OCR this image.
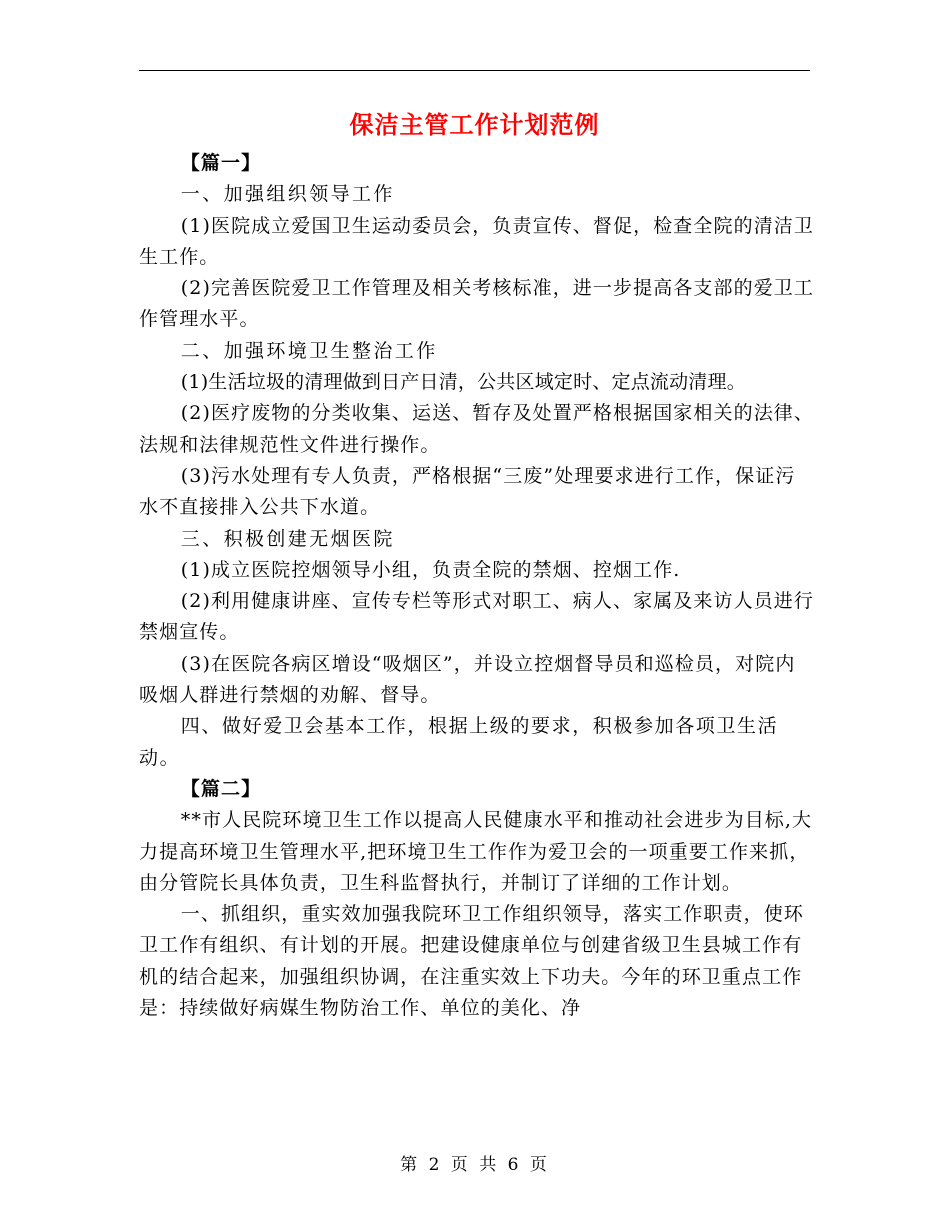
保洁主管工作计划范例

【篇一】

一、加强组织领导工作

(1)医院成立爱国卫生运动委员会，负责宣传、督促，检查全院的清洁卫生工作。

(2)完善医院爱卫工作管理及相关考核标准，进一步提高各支部的爱卫工作管理水平。

二、加强环境卫生整治工作

(1)生活垃圾的清理做到日产日清，公共区域定时、定点流动清理。

(2)医疗废物的分类收集、运送、暂存及处置严格根据国家相关的法律、法规和法律规范性文件进行操作。

(3)污水处理有专人负责，严格根据“三废”处理要求进行工作，保证污水不直接排入公共下水道。

三、积极创建无烟医院

(1)成立医院控烟领导小组，负责全院的禁烟、控烟工作.

(2)利用健康讲座、宣传专栏等形式对职工、病人、家属及来访人员进行禁烟宣传。

(3)在医院各病区增设“吸烟区”，并设立控烟督导员和巡检员，对院内吸烟人群进行禁烟的劝解、督导。

四、做好爱卫会基本工作，根据上级的要求，积极参加各项卫生活动。

【篇二】

**市人民院环境卫生工作以提高人民健康水平和推动社会进步为目标,大力提高环境卫生管理水平,把环境卫生工作作为爱卫会的一项重要工作来抓，由分管院长具体负责，卫生科监督执行，并制订了详细的工作计划。

一、抓组织，重实效加强我院环卫工作组织领导，落实工作职责，使环卫工作有组织、有计划的开展。把建设健康单位与创建省级卫生县城工作有机的结合起来，加强组织协调，在注重实效上下功夫。今年的环卫重点工作是：持续做好病媒生物防治工作、单位的美化、净

第 2 页 共 6 页
